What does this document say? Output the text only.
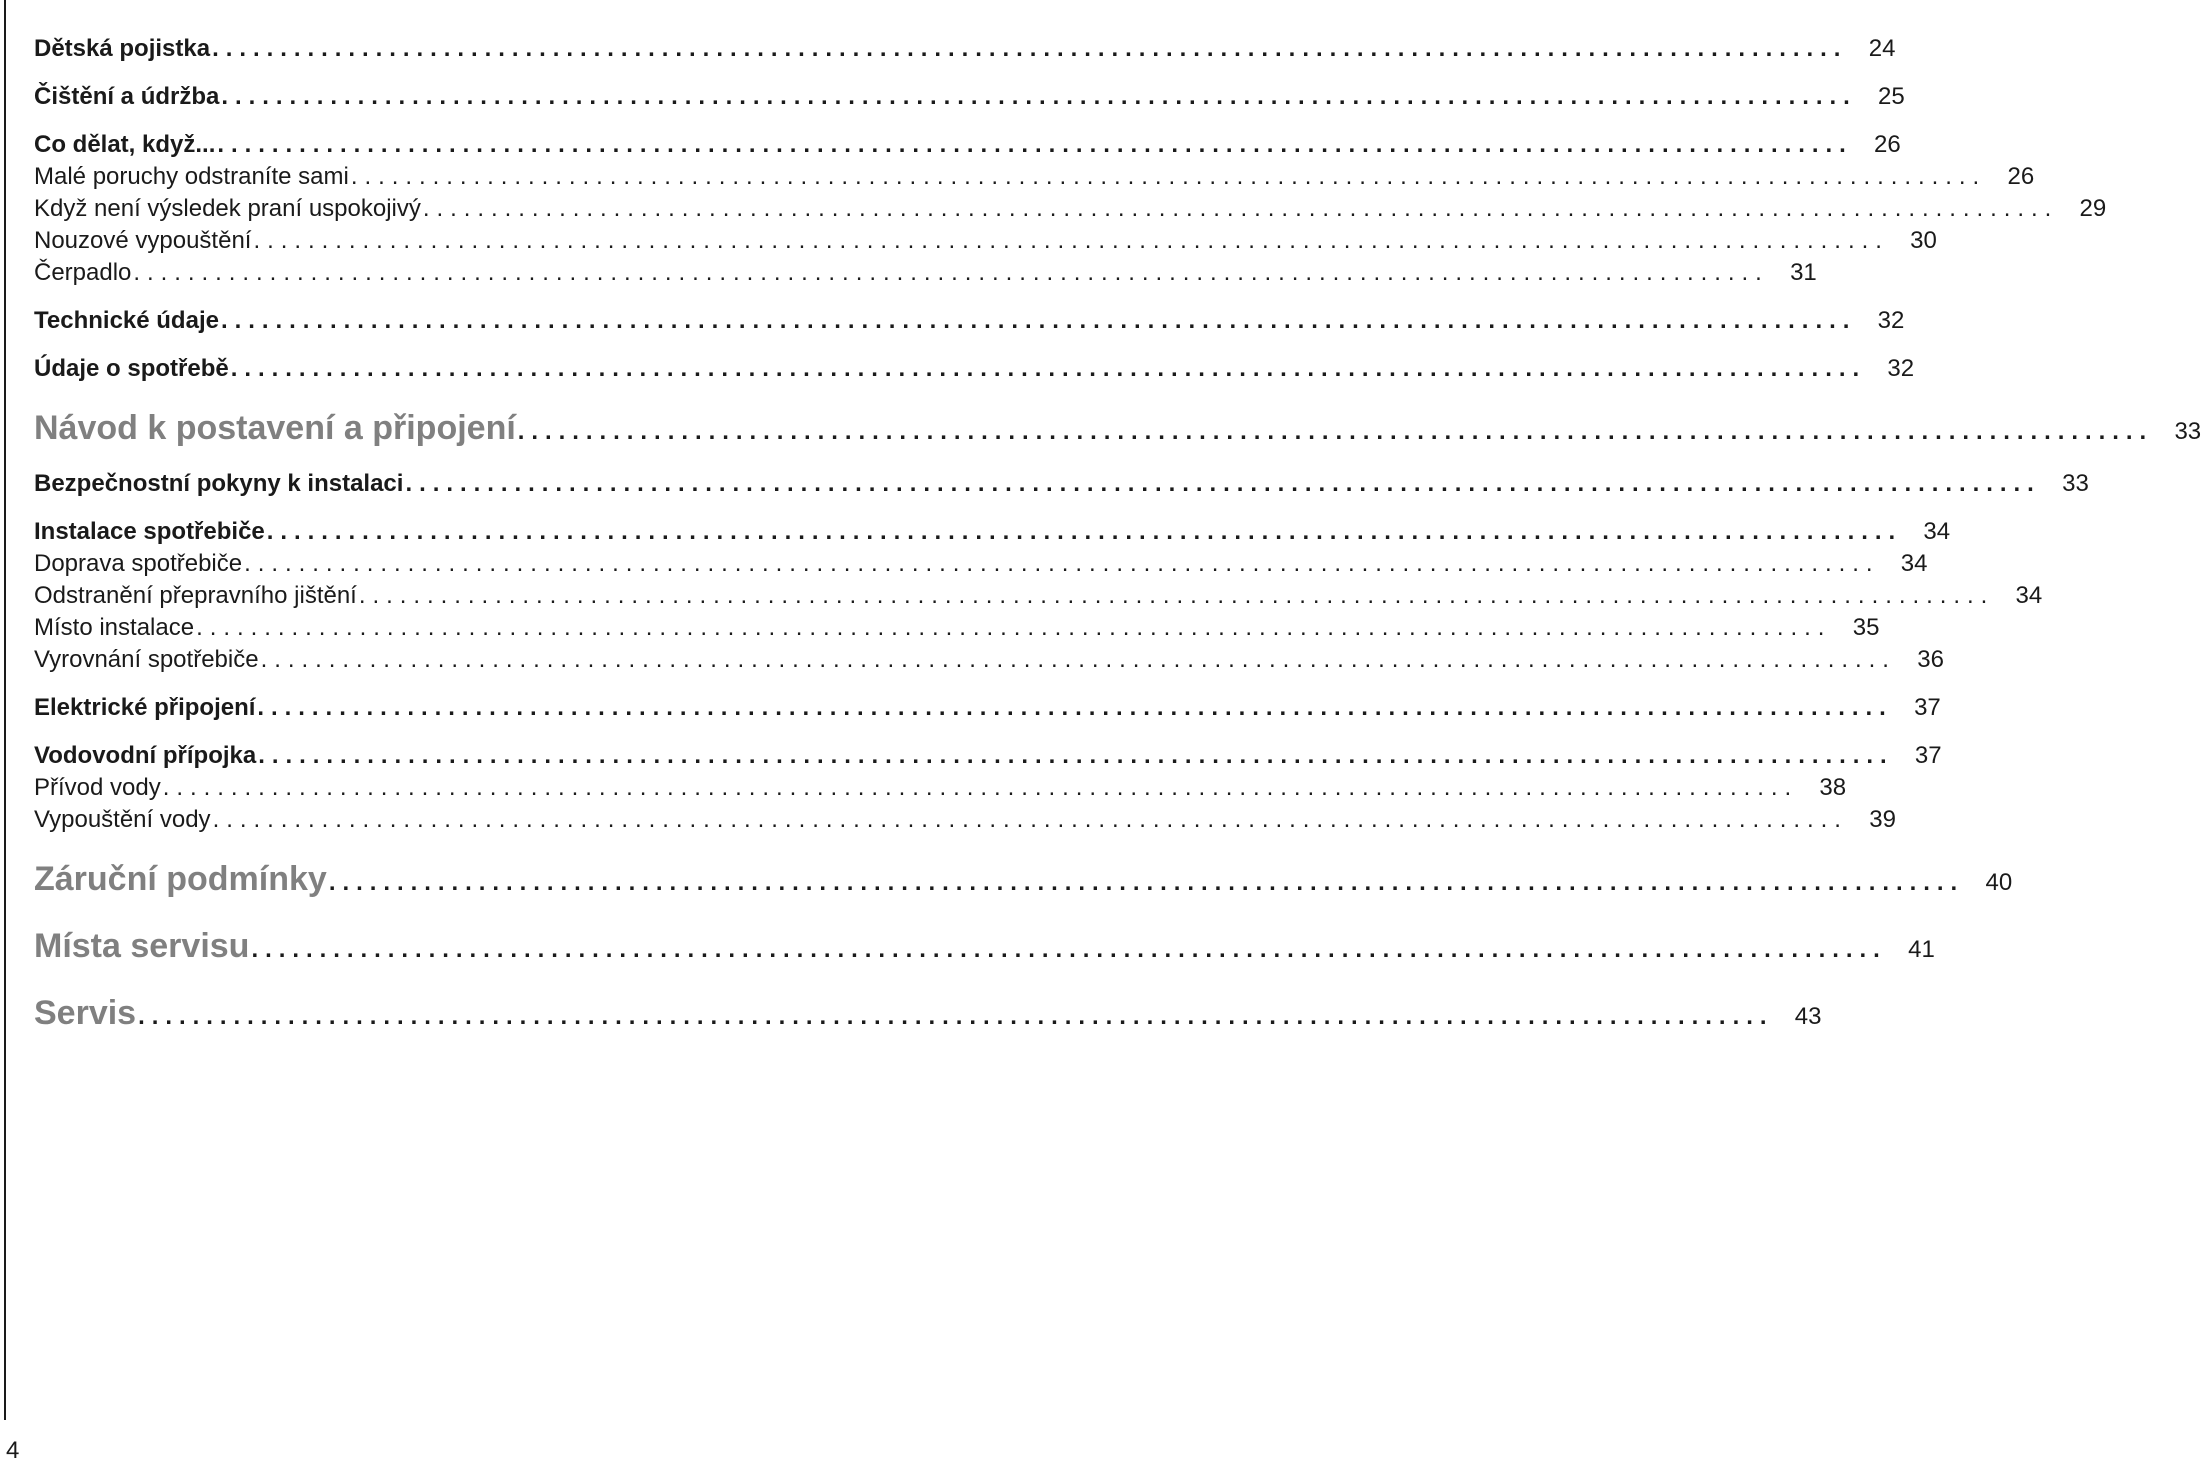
Dětská pojistka ........................................................................................................................ 24
Čištění a údržba ........................................................................................................................ 25
Co dělat, když... ........................................................................................................................ 26
Malé poruchy odstraníte sami ........................................................................................................................ 26
Když není výsledek praní uspokojivý ........................................................................................................................ 29
Nouzové vypouštění ........................................................................................................................ 30
Čerpadlo ........................................................................................................................ 31
Technické údaje ........................................................................................................................ 32
Údaje o spotřebě ........................................................................................................................ 32
Návod k postavení a připojení ........................................................................................................................ 33
Bezpečnostní pokyny k instalaci ........................................................................................................................ 33
Instalace spotřebiče ........................................................................................................................ 34
Doprava spotřebiče ........................................................................................................................ 34
Odstranění přepravního jištění ........................................................................................................................ 34
Místo instalace ........................................................................................................................ 35
Vyrovnání spotřebiče ........................................................................................................................ 36
Elektrické připojení ........................................................................................................................ 37
Vodovodní přípojka ........................................................................................................................ 37
Přívod vody ........................................................................................................................ 38
Vypouštění vody ........................................................................................................................ 39
Záruční podmínky ........................................................................................................................ 40
Místa servisu ........................................................................................................................ 41
Servis ........................................................................................................................ 43
4
